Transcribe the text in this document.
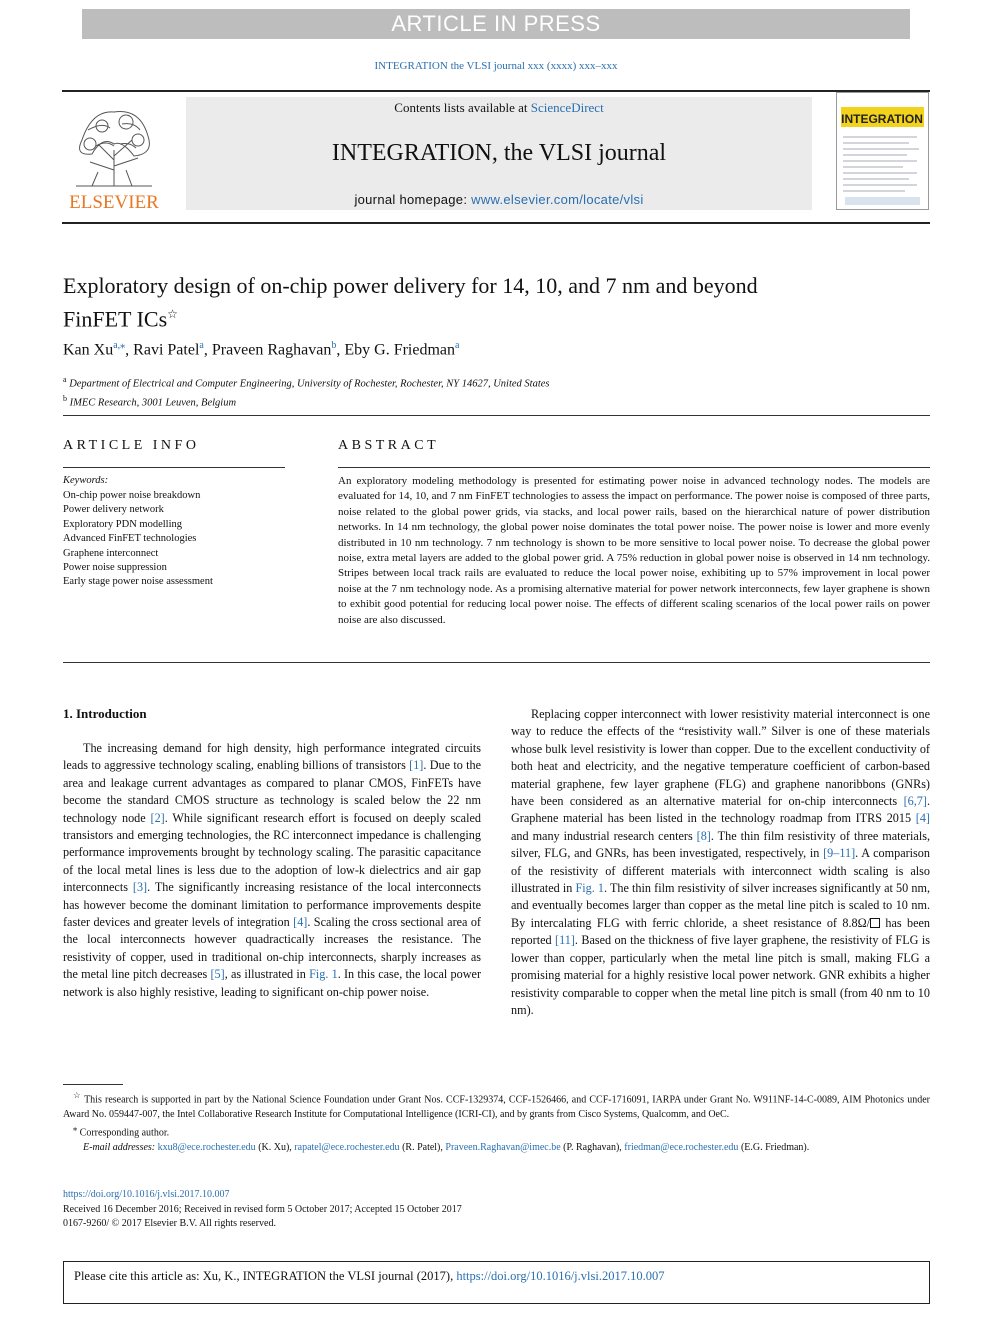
ARTICLE IN PRESS
INTEGRATION the VLSI journal xxx (xxxx) xxx–xxx
ELSEVIER
Contents lists available at ScienceDirect
INTEGRATION, the VLSI journal
journal homepage: www.elsevier.com/locate/vlsi
INTEGRATION
Exploratory design of on-chip power delivery for 14, 10, and 7 nm and beyond FinFET ICs☆
Kan $Xu^{a,⁎}$, Ravi Patel$^a$, Praveen Raghavan$^b$, Eby G. Friedman$^a$
$^a$ Department of Electrical and Computer Engineering, University of Rochester, Rochester, NY 14627, United States
$^b$ IMEC Research, 3001 Leuven, Belgium
ARTICLE INFO
Keywords:
On-chip power noise breakdown
Power delivery network
Exploratory PDN modelling
Advanced FinFET technologies
Graphene interconnect
Power noise suppression
Early stage power noise assessment
ABSTRACT
An exploratory modeling methodology is presented for estimating power noise in advanced technology nodes. The models are evaluated for 14, 10, and 7 nm FinFET technologies to assess the impact on performance. The power noise is composed of three parts, noise related to the global power grids, via stacks, and local power rails, based on the hierarchical nature of power distribution networks. In 14 nm technology, the global power noise dominates the total power noise. The power noise is lower and more evenly distributed in 10 nm technology. 7 nm technology is shown to be more sensitive to local power noise. To decrease the global power noise, extra metal layers are added to the global power grid. A 75% reduction in global power noise is observed in 14 nm technology. Stripes between local track rails are evaluated to reduce the local power noise, exhibiting up to 57% improvement in local power noise at the 7 nm technology node. As a promising alternative material for power network interconnects, few layer graphene is shown to exhibit good potential for reducing local power noise. The effects of different scaling scenarios of the local power rails on power noise are also discussed.
1. Introduction
The increasing demand for high density, high performance integrated circuits leads to aggressive technology scaling, enabling billions of transistors [1]. Due to the area and leakage current advantages as compared to planar CMOS, FinFETs have become the standard CMOS structure as technology is scaled below the 22 nm technology node [2]. While significant research effort is focused on deeply scaled transistors and emerging technologies, the RC interconnect impedance is challenging performance improvements brought by technology scaling. The parasitic capacitance of the local metal lines is less due to the adoption of low-k dielectrics and air gap interconnects [3]. The significantly increasing resistance of the local interconnects has however become the dominant limitation to performance improvements despite faster devices and greater levels of integration [4]. Scaling the cross sectional area of the local interconnects however quadractically increases the resistance. The resistivity of copper, used in traditional on-chip interconnects, sharply increases as the metal line pitch decreases [5], as illustrated in Fig. 1. In this case, the local power network is also highly resistive, leading to significant on-chip power noise.
Replacing copper interconnect with lower resistivity material interconnect is one way to reduce the effects of the “resistivity wall.” Silver is one of these materials whose bulk level resistivity is lower than copper. Due to the excellent conductivity of both heat and electricity, and the negative temperature coefficient of carbon-based material graphene, few layer graphene (FLG) and graphene nanoribbons (GNRs) have been considered as an alternative material for on-chip interconnects [6,7]. Graphene material has been listed in the technology roadmap from ITRS 2015 [4] and many industrial research centers [8]. The thin film resistivity of three materials, silver, FLG, and GNRs, has been investigated, respectively, in [9–11]. A comparison of the resistivity of different materials with interconnect width scaling is also illustrated in Fig. 1. The thin film resistivity of silver increases significantly at 50 nm, and eventually becomes larger than copper as the metal line pitch is scaled to 10 nm. By intercalating FLG with ferric chloride, a sheet resistance of 8.8Ω/ has been reported [11]. Based on the thickness of five layer graphene, the resistivity of FLG is lower than copper, particularly when the metal line pitch is small, making FLG a promising material for a highly resistive local power network. GNR exhibits a higher resistivity comparable to copper when the metal line pitch is small (from 40 nm to 10 nm).
☆ This research is supported in part by the National Science Foundation under Grant Nos. CCF-1329374, CCF-1526466, and CCF-1716091, IARPA under Grant No. W911NF-14-C-0089, AIM Photonics under Award No. 059447-007, the Intel Collaborative Research Institute for Computational Intelligence (ICRI-CI), and by grants from Cisco Systems, Qualcomm, and OeC.
⁎ Corresponding author.
E-mail addresses: kxu8@ece.rochester.edu (K. Xu), rapatel@ece.rochester.edu (R. Patel), Praveen.Raghavan@imec.be (P. Raghavan), friedman@ece.rochester.edu (E.G. Friedman).
https://doi.org/10.1016/j.vlsi.2017.10.007
Received 16 December 2016; Received in revised form 5 October 2017; Accepted 15 October 2017
0167-9260/ © 2017 Elsevier B.V. All rights reserved.
Please cite this article as: Xu, K., INTEGRATION the VLSI journal (2017), https://doi.org/10.1016/j.vlsi.2017.10.007
